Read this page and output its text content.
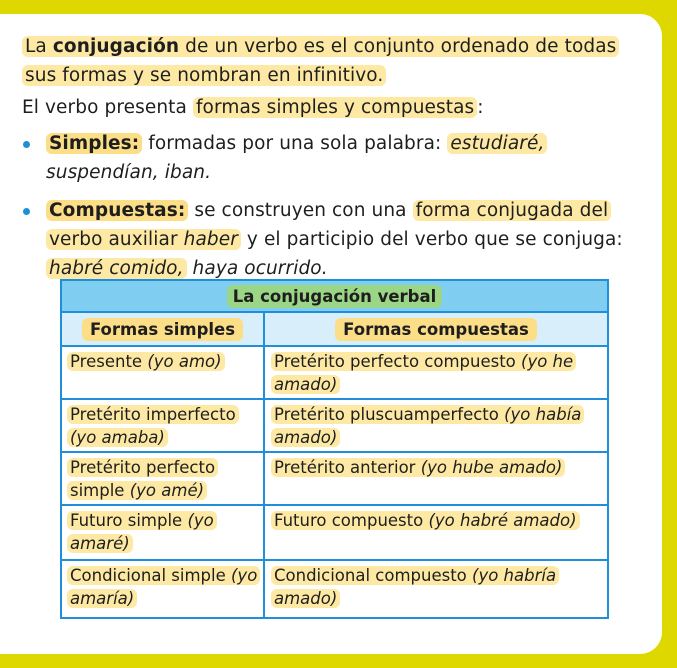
La conjugación de un verbo es el conjunto ordenado de todas sus formas y se nombran en infinitivo.
El verbo presenta formas simples y compuestas :
Simples: formadas por una sola palabra: estudiaré, suspendían, iban.
Compuestas: se construyen con una forma conjugada del verbo auxiliar haber y el participio del verbo que se conjuga: habré comido, haya ocurrido.
La conjugación verbal
Formas simples	Formas compuestas
Presente (yo amo)	Pretérito perfecto compuesto (yo he amado)
Pretérito imperfecto (yo amaba)
Pretérito pluscuamperfecto (yo había amado)
Pretérito perfecto simple (yo amé)
Pretérito anterior (yo hube amado)
Futuro simple (yo amaré)
Futuro compuesto (yo habré amado)
Condicional simple (yo amaría)
Condicional compuesto (yo habría amado)
